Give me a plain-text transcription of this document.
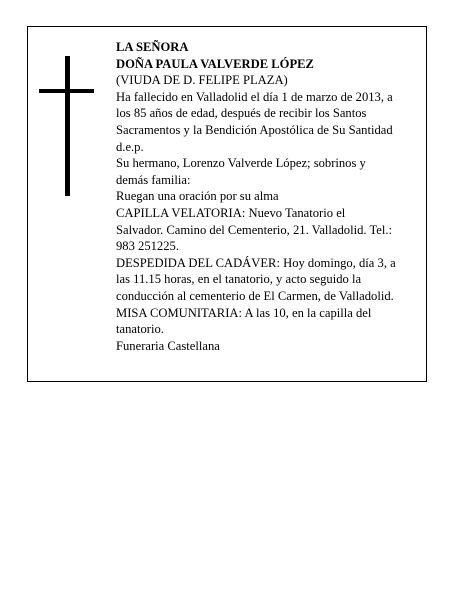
LA SEÑORA
DOÑA PAULA VALVERDE LÓPEZ
(VIUDA DE D. FELIPE PLAZA)
Ha fallecido en Valladolid el día 1 de marzo de 2013, a
los 85 años de edad, después de recibir los Santos
Sacramentos y la Bendición Apostólica de Su Santidad
d.e.p.
Su hermano, Lorenzo Valverde López; sobrinos y
demás familia:
Ruegan una oración por su alma
CAPILLA VELATORIA: Nuevo Tanatorio el
Salvador. Camino del Cementerio, 21. Valladolid. Tel.:
983 251225.
DESPEDIDA DEL CADÁVER: Hoy domingo, día 3, a
las 11.15 horas, en el tanatorio, y acto seguido la
conducción al cementerio de El Carmen, de Valladolid.
MISA COMUNITARIA: A las 10, en la capilla del
tanatorio.
Funeraria Castellana
